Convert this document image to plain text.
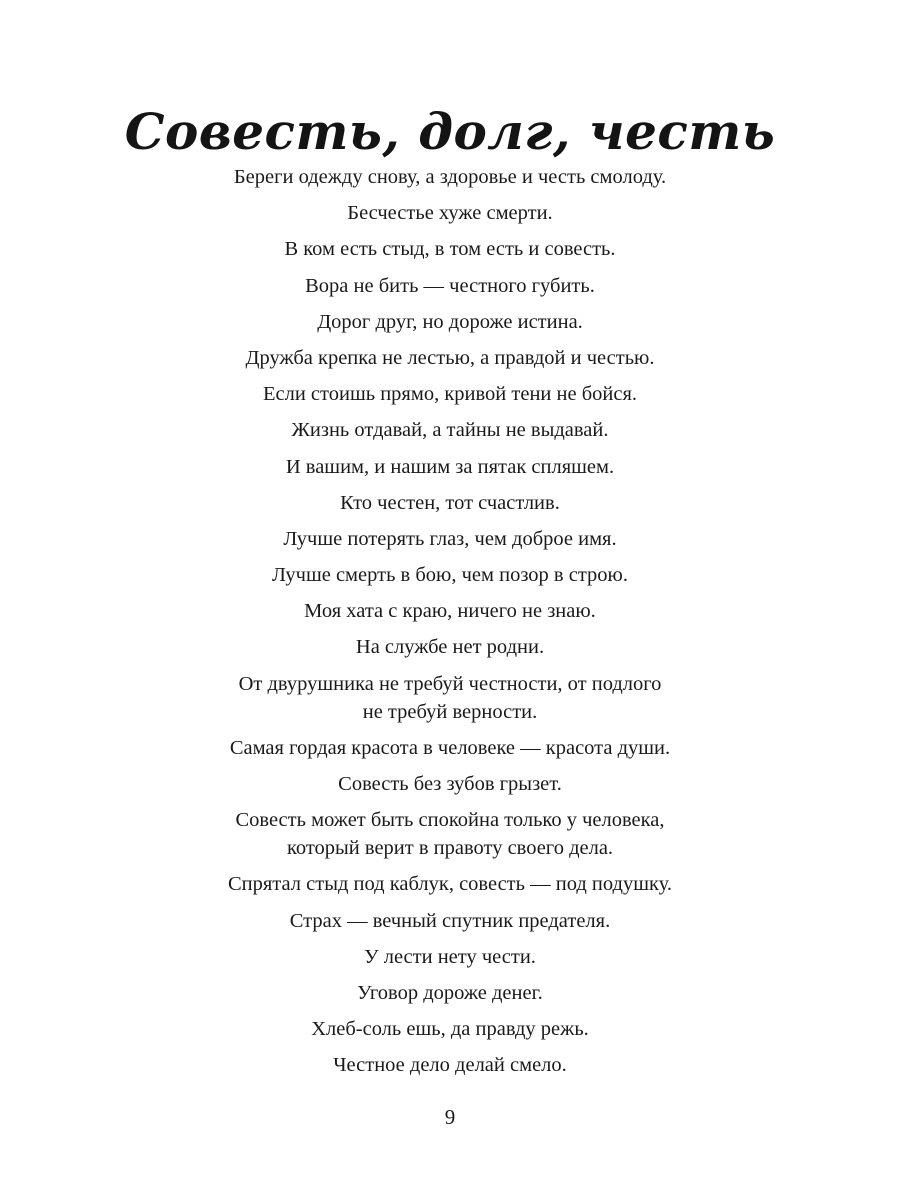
Совесть, долг, честь
Береги одежду снову, а здоровье и честь смолоду.
Бесчестье хуже смерти.
В ком есть стыд, в том есть и совесть.
Вора не бить — честного губить.
Дорог друг, но дороже истина.
Дружба крепка не лестью, а правдой и честью.
Если стоишь прямо, кривой тени не бойся.
Жизнь отдавай, а тайны не выдавай.
И вашим, и нашим за пятак спляшем.
Кто честен, тот счастлив.
Лучше потерять глаз, чем доброе имя.
Лучше смерть в бою, чем позор в строю.
Моя хата с краю, ничего не знаю.
На службе нет родни.
От двурушника не требуй честности, от подлого
не требуй верности.
Самая гордая красота в человеке — красота души.
Совесть без зубов грызет.
Совесть может быть спокойна только у человека,
который верит в правоту своего дела.
Спрятал стыд под каблук, совесть — под подушку.
Страх — вечный спутник предателя.
У лести нету чести.
Уговор дороже денег.
Хлеб-соль ешь, да правду режь.
Честное дело делай смело.
9
